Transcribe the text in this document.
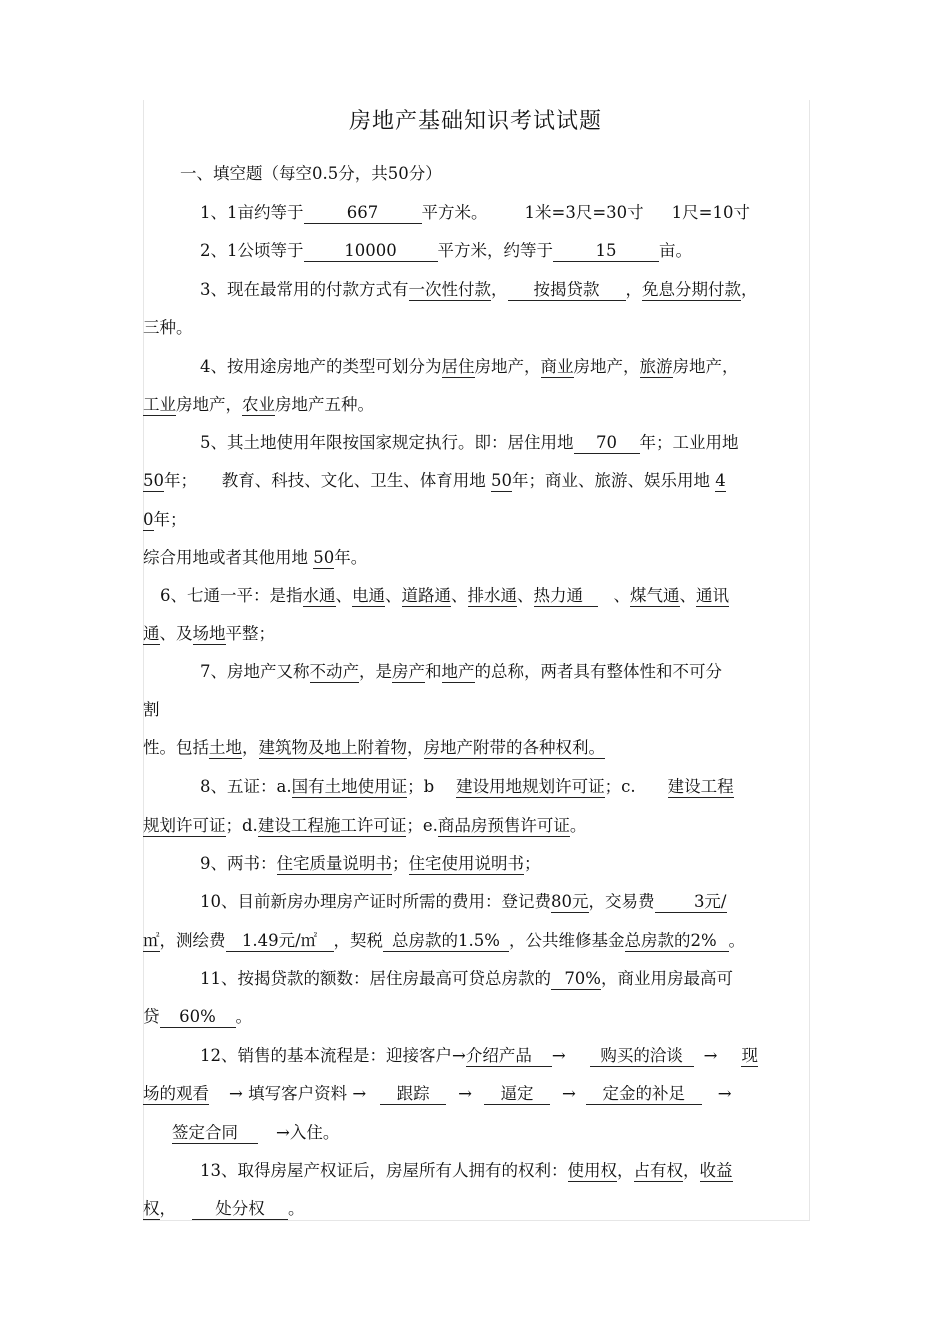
房地产基础知识考试试题
一、填空题（每空0.5分，共50分）
1、1亩约等于	667	平方米。 1米=3尺=30寸 1尺=10寸
2、1公顷等于 10000 平方米，约等于	15	亩。
3、现在最常用的付款方式有一次性付款， 按揭贷款 ，免息分期付款，
三种。
4、按用途房地产的类型可划分为居住房地产，商业房地产，旅游房地产，
工业房地产，农业房地产五种。
5、其土地使用年限按国家规定执行。即：居住用地 70 年；工业用地
50年；　　教育、科技、文化、卫生、体育用地 50年；商业、旅游、娱乐用地 4
0年；
综合用地或者其他用地 50年。
6、七通一平：是指水通、电通、道路通、排水通、热力通 、煤气通、通讯
通、及场地平整；
7、房地产又称不动产，是房产和地产的总称，两者具有整体性和不可分
割
性。包括土地，建筑物及地上附着物，房地产附带的各种权利。
8、五证：a.国有土地使用证；b 建设用地规划许可证；c. 建设工程
规划许可证；d.建设工程施工许可证；e.商品房预售许可证。
9、两书：住宅质量说明书；住宅使用说明书；
10、目前新房办理房产证时所需的费用：登记费80元，交易费 3元/
㎡，测绘费 1.49元/㎡ ，契税 总房款的1.5% ，公共维修基金总房款的2% 。
11、按揭贷款的额数：居住房最高可贷总房款的 70%，商业用房最高可
贷 60% 。
12、销售的基本流程是：迎接客户→介绍产品 → 购买的洽谈 → 现
场的观看 → 填写客户资料 → 跟踪 → 逼定 → 定金的补足 →
签定合同 →入住。
13、取得房屋产权证后，房屋所有人拥有的权利：使用权，占有权，收益
权， 处分权 。
